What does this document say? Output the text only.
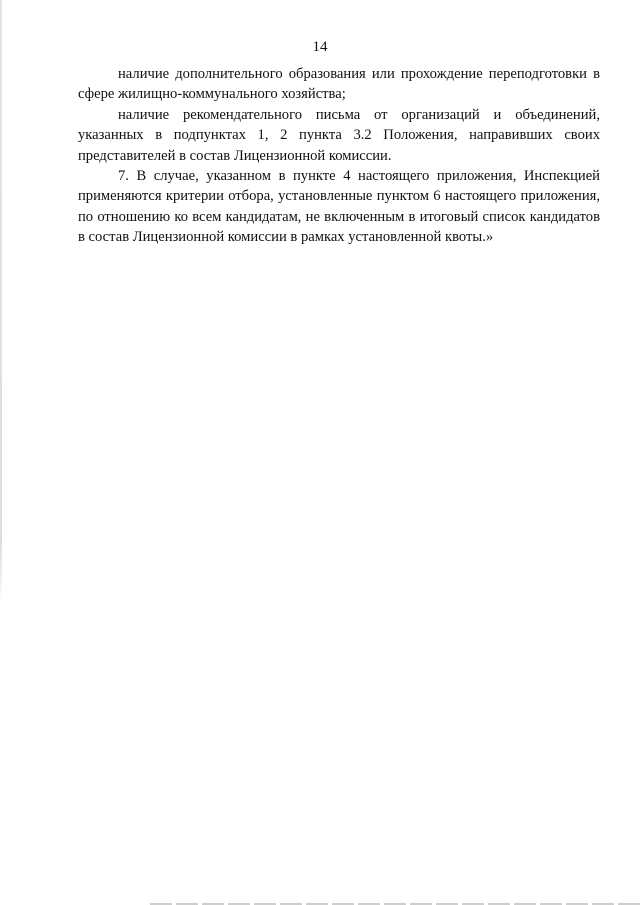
14

наличие дополнительного образования или прохождение переподготовки в сфере жилищно-коммунального хозяйства;

наличие рекомендательного письма от организаций и объединений, указанных в подпунктах 1, 2 пункта 3.2 Положения, направивших своих представителей в состав Лицензионной комиссии.

7. В случае, указанном в пункте 4 настоящего приложения, Инспекцией применяются критерии отбора, установленные пунктом 6 настоящего приложения, по отношению ко всем кандидатам, не включенным в итоговый список кандидатов в состав Лицензионной комиссии в рамках установленной квоты.»
